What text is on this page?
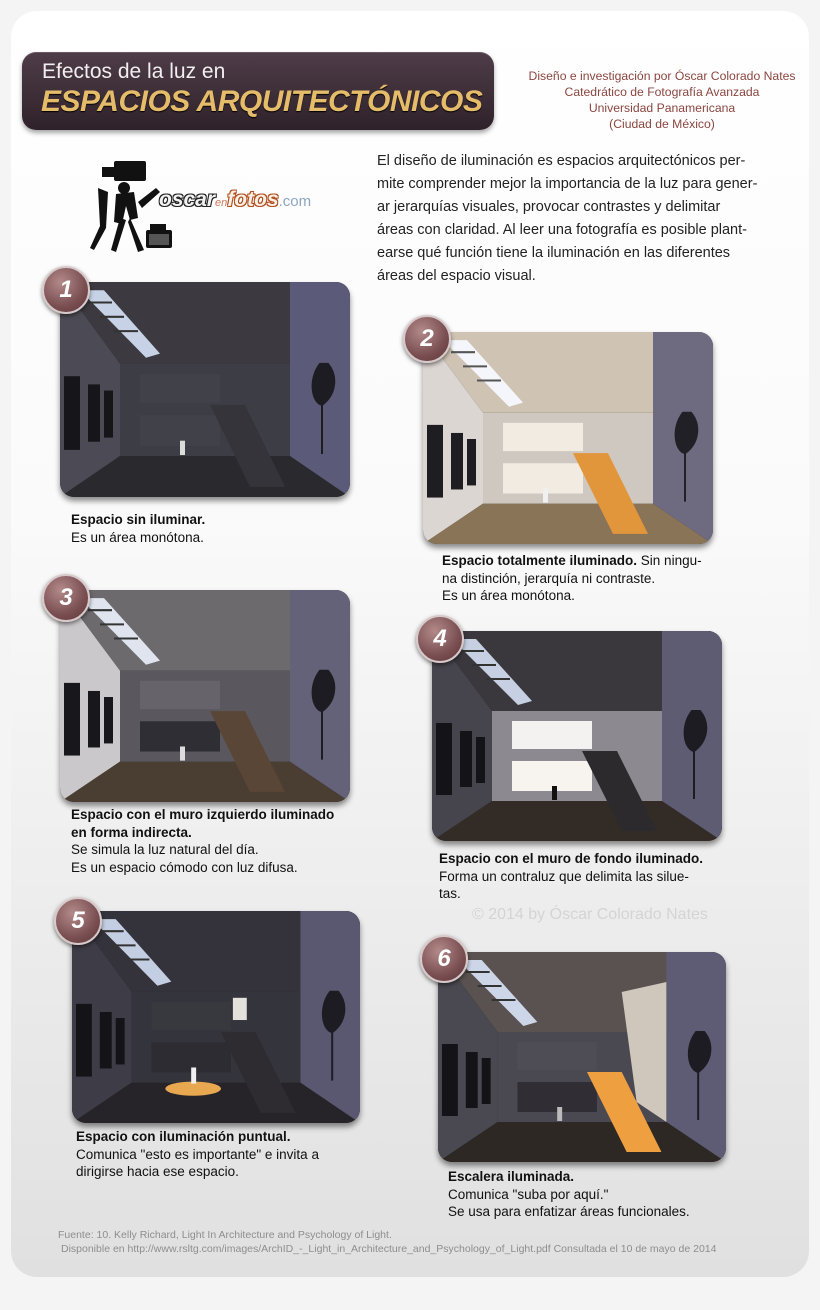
Efectos de la luz en
ESPACIOS ARQUITECTÓNICOS
Diseño e investigación por Óscar Colorado Nates
Catedrático de Fotografía Avanzada
Universidad Panamericana
(Ciudad de México)
oscarenfotos.com
El diseño de iluminación es espacios arquitectónicos per-
mite comprender mejor la importancia de la luz para gener-
ar jerarquías visuales, provocar contrastes y delimitar
áreas con claridad. Al leer una fotografía es posible plant-
earse qué función tiene la iluminación en las diferentes
áreas del espacio visual.
1
Espacio sin iluminar.
Es un área monótona.
2
Espacio totalmente iluminado. Sin ningu-
na distinción, jerarquía ni contraste.
Es un área monótona.
3
Espacio con el muro izquierdo iluminado
en forma indirecta.
Se simula la luz natural del día.
Es un espacio cómodo con luz difusa.
4
Espacio con el muro de fondo iluminado.
Forma un contraluz que delimita las silue-
tas.
© 2014 by Óscar Colorado Nates
5
Espacio con iluminación puntual.
Comunica "esto es importante" e invita a
dirigirse hacia ese espacio.
6
Escalera iluminada.
Comunica "suba por aquí."
Se usa para enfatizar áreas funcionales.
Fuente: 10. Kelly Richard, Light In Architecture and Psychology of Light.
Disponible en http://www.rsltg.com/images/ArchID_-_Light_in_Architecture_and_Psychology_of_Light.pdf Consultada el 10 de mayo de 2014
